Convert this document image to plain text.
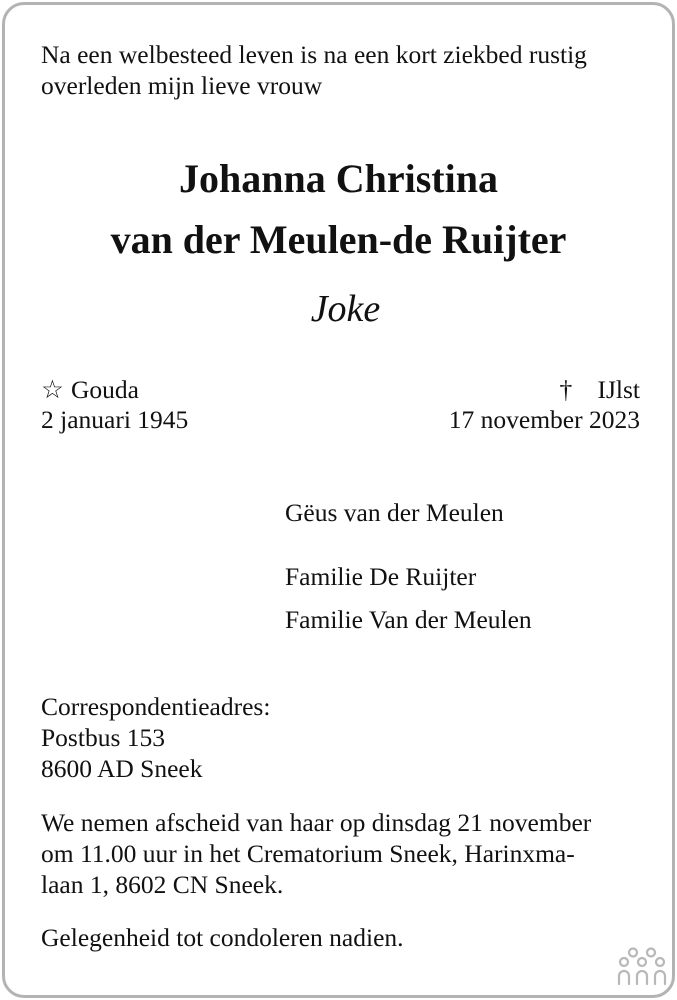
Na een welbesteed leven is na een kort ziekbed rustig
overleden mijn lieve vrouw

Johanna Christina
van der Meulen-de Ruijter
Joke
☆ Gouda
2 januari 1945
† IJlst
17 november 2023
Gëus van der Meulen
Familie De Ruijter
Familie Van der Meulen

Correspondentieadres:
Postbus 153
8600 AD Sneek

We nemen afscheid van haar op dinsdag 21 november
om 11.00 uur in het Crematorium Sneek, Harinxma-
laan 1, 8602 CN Sneek.

Gelegenheid tot condoleren nadien.
